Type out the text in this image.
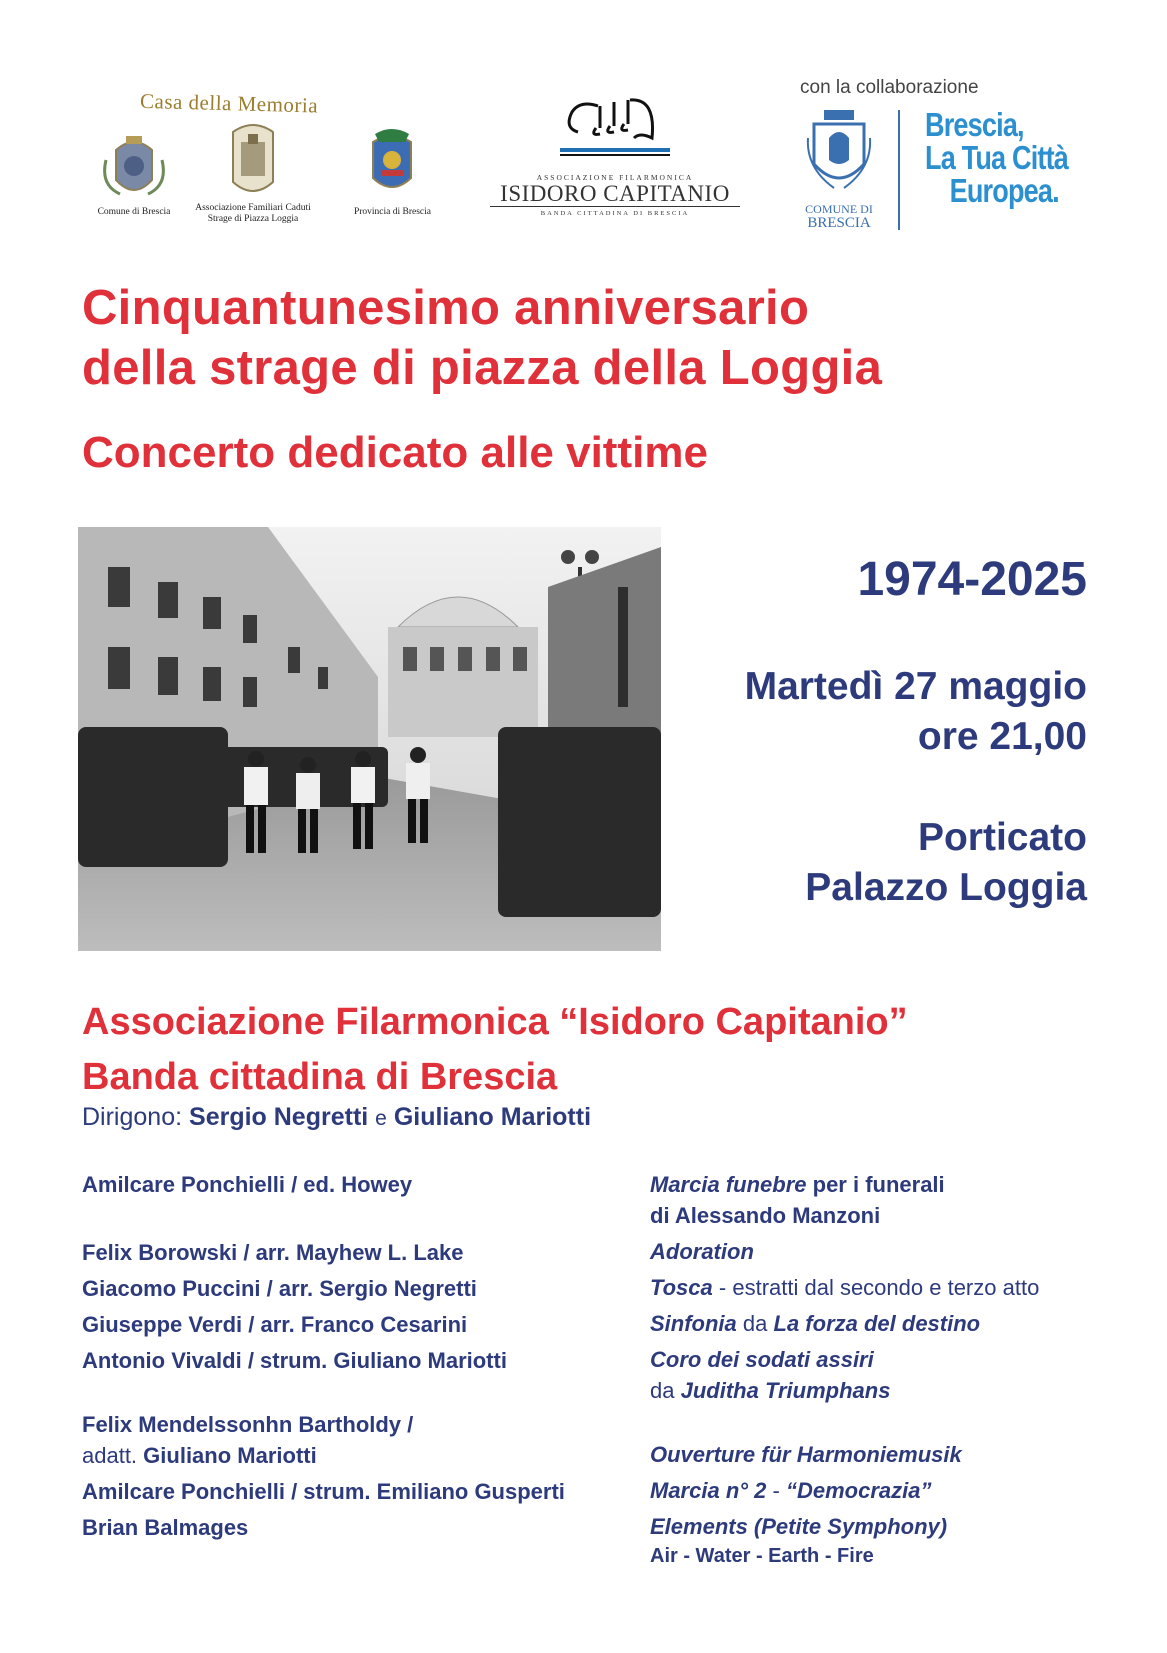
Casa della Memoria
Comune di Brescia	Associazione Familiari Caduti
Strage di Piazza Loggia
Provincia di Brescia
ASSOCIAZIONE FILARMONICA
ISIDORO CAPITANIO
BANDA CITTADINA DI BRESCIA
con la collaborazione
COMUNE DI
BRESCIA
Brescia,
La Tua Città
Europea.
Cinquantunesimo anniversario
della strage di piazza della Loggia
Concerto dedicato alle vittime
1974-2025
Martedì 27 maggio
ore 21,00
Porticato
Palazzo Loggia
Associazione Filarmonica “Isidoro Capitanio”
Banda cittadina di Brescia
Dirigono: Sergio Negretti e Giuliano Mariotti
Amilcare Ponchielli / ed. Howey
Felix Borowski / arr. Mayhew L. Lake
Giacomo Puccini / arr. Sergio Negretti
Giuseppe Verdi / arr. Franco Cesarini
Antonio Vivaldi / strum. Giuliano Mariotti
Felix Mendelssonhn Bartholdy /
adatt. Giuliano Mariotti
Amilcare Ponchielli / strum. Emiliano Gusperti
Brian Balmages
Marcia funebre per i funerali
di Alessando Manzoni
Adoration
Tosca - estratti dal secondo e terzo atto
Sinfonia da La forza del destino
Coro dei sodati assiri
da Juditha Triumphans
Ouverture für Harmoniemusik
Marcia n° 2 - “Democrazia”
Elements (Petite Symphony)
Air - Water - Earth - Fire
